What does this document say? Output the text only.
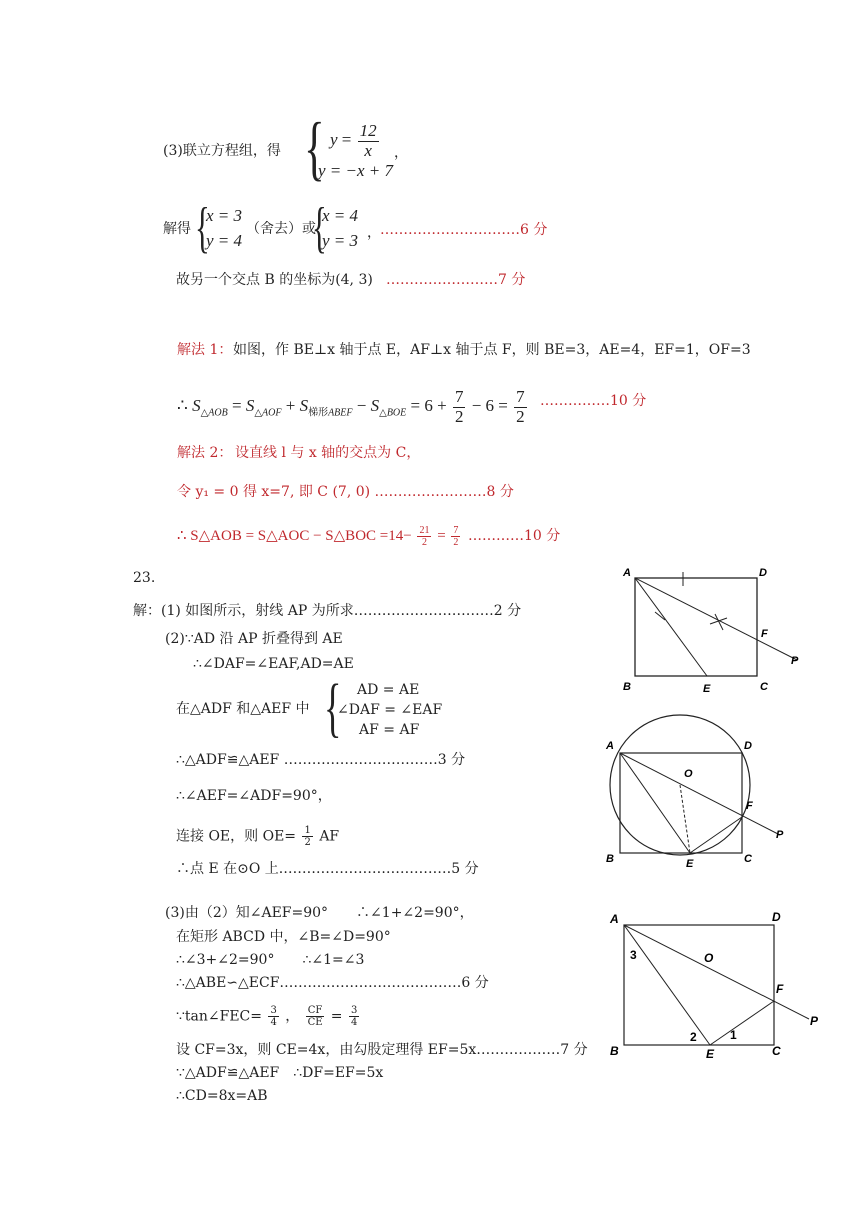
(3)联立方程组，得 { $y = \frac{12}{x}$
y = −x + 7
，
解得 {
x = 3
y = 4
（舍去）或
{
x = 4
y = 3 ， …………………………6 分
故另一个交点 B 的坐标为(4, 3) ……………………7 分
解法 1： 如图，作 BE⊥x 轴于点 E，AF⊥x 轴于点 F，则 BE=3，AE=4，EF=1，OF=3
∴ $S_{\triangle AOB} = S_{\triangle AOF} + S_{梯形ABEF} - S_{\triangle BOE} = 6 + \frac{7}{2} - 6 = \frac{7}{2}$ ……………10 分
解法 2： 设直线 l 与 x 轴的交点为 C，
令 y₁ = 0 得 x=7, 即 C (7, 0) ……………………8 分
∴ S△AOB = S△AOC − S△BOC $=14- \frac{21}{2} = \frac{7}{2}$ …………10 分
23.
解：(1) 如图所示，射线 AP 为所求…………………………2 分
(2)∵AD 沿 AP 折叠得到 AE
∴∠DAF=∠EAF,AD=AE
在△ADF 和△AEF 中 { AD = AE
∠DAF = ∠EAF
AF = AF
∴△ADF≌△AEF ……………………………3 分
∴∠AEF=∠ADF=90°，
连接 OE，则 $OE= \frac{1}{2}$ AF
∴点 E 在⊙O 上.………………………………5 分
(3)由（2）知∠AEF=90°　　∴∠1+∠2=90°，
在矩形 ABCD 中，∠B=∠D=90°
∴∠3+∠2=90°　　∴∠1=∠3
∴△ABE∽△ECF…………………………………6 分
∵tan∠FEC= $\frac{3}{4}$ ， $\frac{CF}{CE} = \frac{3}{4}$
设 CF=3x，则 CE=4x，由勾股定理得 EF=5x………………7 分
∵△ADF≌△AEF　∴DF=EF=5x
∴CD=8x=AB
A	D
B	E	C
F
P
A	D
O
F
P
B	E	C
A	D
O
F
P
B	E	C
3
2	1
